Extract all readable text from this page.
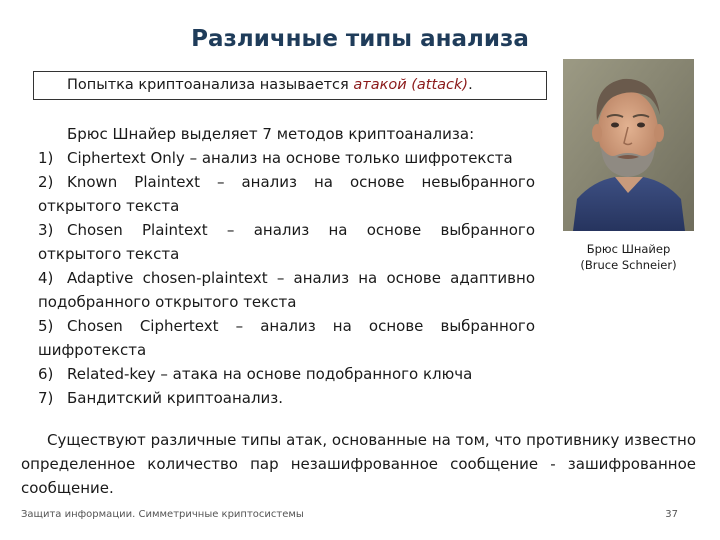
Различные типы анализа
Попытка криптоанализа называется атакой (attack).
Брюс Шнайер выделяет 7 методов криптоанализа:
1) Ciphertext Only – анализ на основе только шифротекста
2) Known Plaintext – анализ на основе невыбранного открытого текста
3) Chosen Plaintext – анализ на основе выбранного открытого текста
4) Adaptive chosen-plaintext – анализ на основе адаптивно подобранного открытого текста
5) Chosen Ciphertext – анализ на основе выбранного шифротекста
6) Related-key – атака на основе подобранного ключа
7) Бандитский криптоанализ.
Брюс Шнайер
(Bruce Schneier)
Существуют различные типы атак, основанные на том, что противнику известно определенное количество пар незашифрованное сообщение - зашифрованное сообщение.
Защита информации. Симметричные криптосистемы	37
